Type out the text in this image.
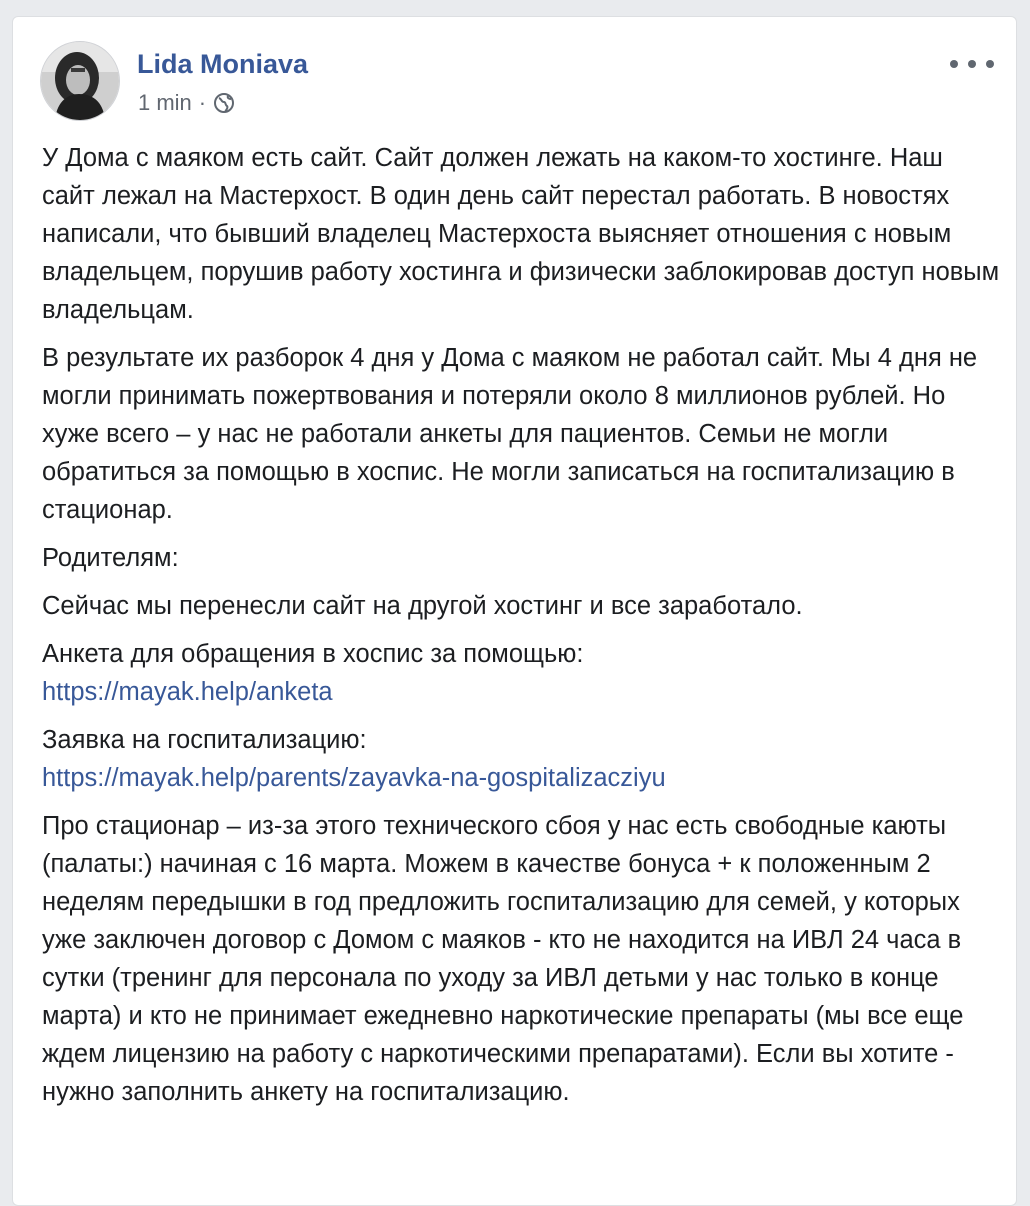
Lida Moniava
1 min ·

У Дома с маяком есть сайт. Сайт должен лежать на каком-то хостинге. Наш сайт лежал на Мастерхост. В один день сайт перестал работать. В новостях написали, что бывший владелец Мастерхоста выясняет отношения с новым владельцем, порушив работу хостинга и физически заблокировав доступ новым владельцам.

В результате их разборок 4 дня у Дома с маяком не работал сайт. Мы 4 дня не могли принимать пожертвования и потеряли около 8 миллионов рублей. Но хуже всего – у нас не работали анкеты для пациентов. Семьи не могли обратиться за помощью в хоспис. Не могли записаться на госпитализацию в стационар.

Родителям:

Сейчас мы перенесли сайт на другой хостинг и все заработало.

Анкета для обращения в хоспис за помощью:
https://mayak.help/anketa

Заявка на госпитализацию:
https://mayak.help/parents/zayavka-na-gospitalizacziyu

Про стационар – из-за этого технического сбоя у нас есть свободные каюты (палаты:) начиная с 16 марта. Можем в качестве бонуса + к положенным 2 неделям передышки в год предложить госпитализацию для семей, у которых уже заключен договор с Домом с маяков - кто не находится на ИВЛ 24 часа в сутки (тренинг для персонала по уходу за ИВЛ детьми у нас только в конце марта) и кто не принимает ежедневно наркотические препараты (мы все еще ждем лицензию на работу с наркотическими препаратами). Если вы хотите - нужно заполнить анкету на госпитализацию.
